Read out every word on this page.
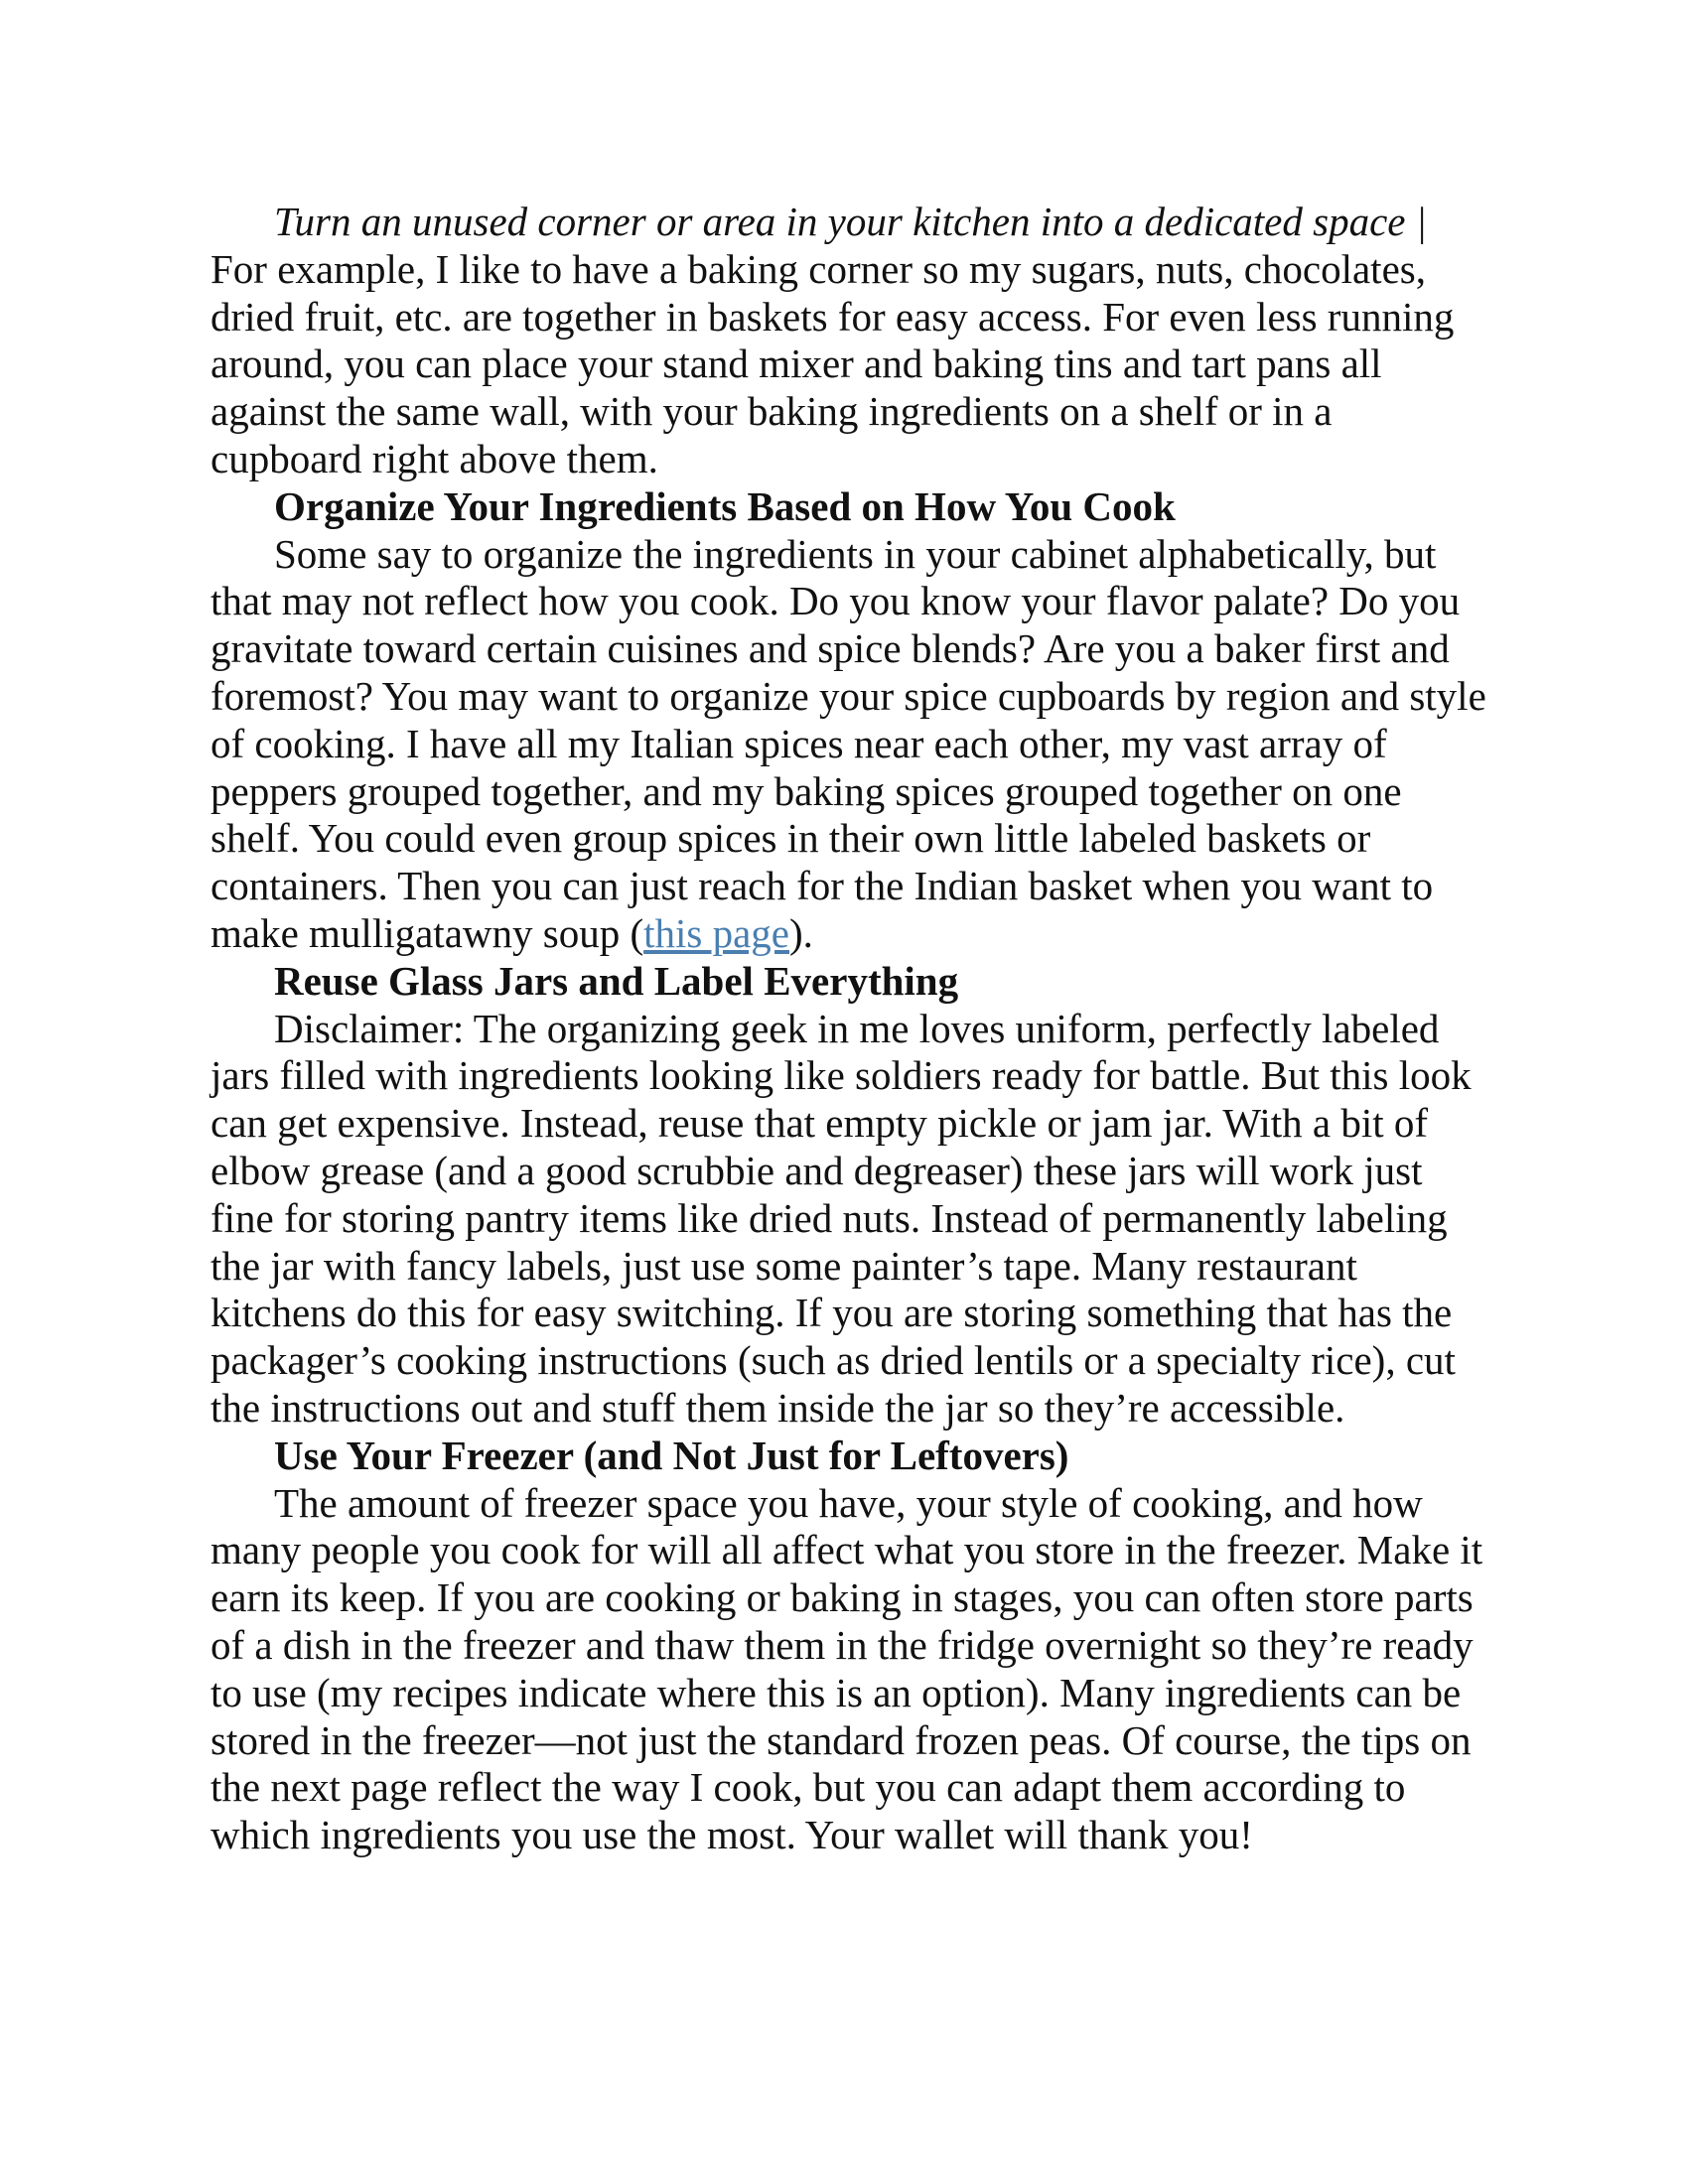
Turn an unused corner or area in your kitchen into a dedicated space | For example, I like to have a baking corner so my sugars, nuts, chocolates, dried fruit, etc. are together in baskets for easy access. For even less running around, you can place your stand mixer and baking tins and tart pans all against the same wall, with your baking ingredients on a shelf or in a cupboard right above them.

Organize Your Ingredients Based on How You Cook

Some say to organize the ingredients in your cabinet alphabetically, but that may not reflect how you cook. Do you know your flavor palate? Do you gravitate toward certain cuisines and spice blends? Are you a baker first and foremost? You may want to organize your spice cupboards by region and style of cooking. I have all my Italian spices near each other, my vast array of peppers grouped together, and my baking spices grouped together on one shelf. You could even group spices in their own little labeled baskets or containers. Then you can just reach for the Indian basket when you want to make mulligatawny soup (this page).

Reuse Glass Jars and Label Everything

Disclaimer: The organizing geek in me loves uniform, perfectly labeled jars filled with ingredients looking like soldiers ready for battle. But this look can get expensive. Instead, reuse that empty pickle or jam jar. With a bit of elbow grease (and a good scrubbie and degreaser) these jars will work just fine for storing pantry items like dried nuts. Instead of permanently labeling the jar with fancy labels, just use some painter’s tape. Many restaurant kitchens do this for easy switching. If you are storing something that has the packager’s cooking instructions (such as dried lentils or a specialty rice), cut the instructions out and stuff them inside the jar so they’re accessible.

Use Your Freezer (and Not Just for Leftovers)

The amount of freezer space you have, your style of cooking, and how many people you cook for will all affect what you store in the freezer. Make it earn its keep. If you are cooking or baking in stages, you can often store parts of a dish in the freezer and thaw them in the fridge overnight so they’re ready to use (my recipes indicate where this is an option). Many ingredients can be stored in the freezer—not just the standard frozen peas. Of course, the tips on the next page reflect the way I cook, but you can adapt them according to which ingredients you use the most. Your wallet will thank you!
